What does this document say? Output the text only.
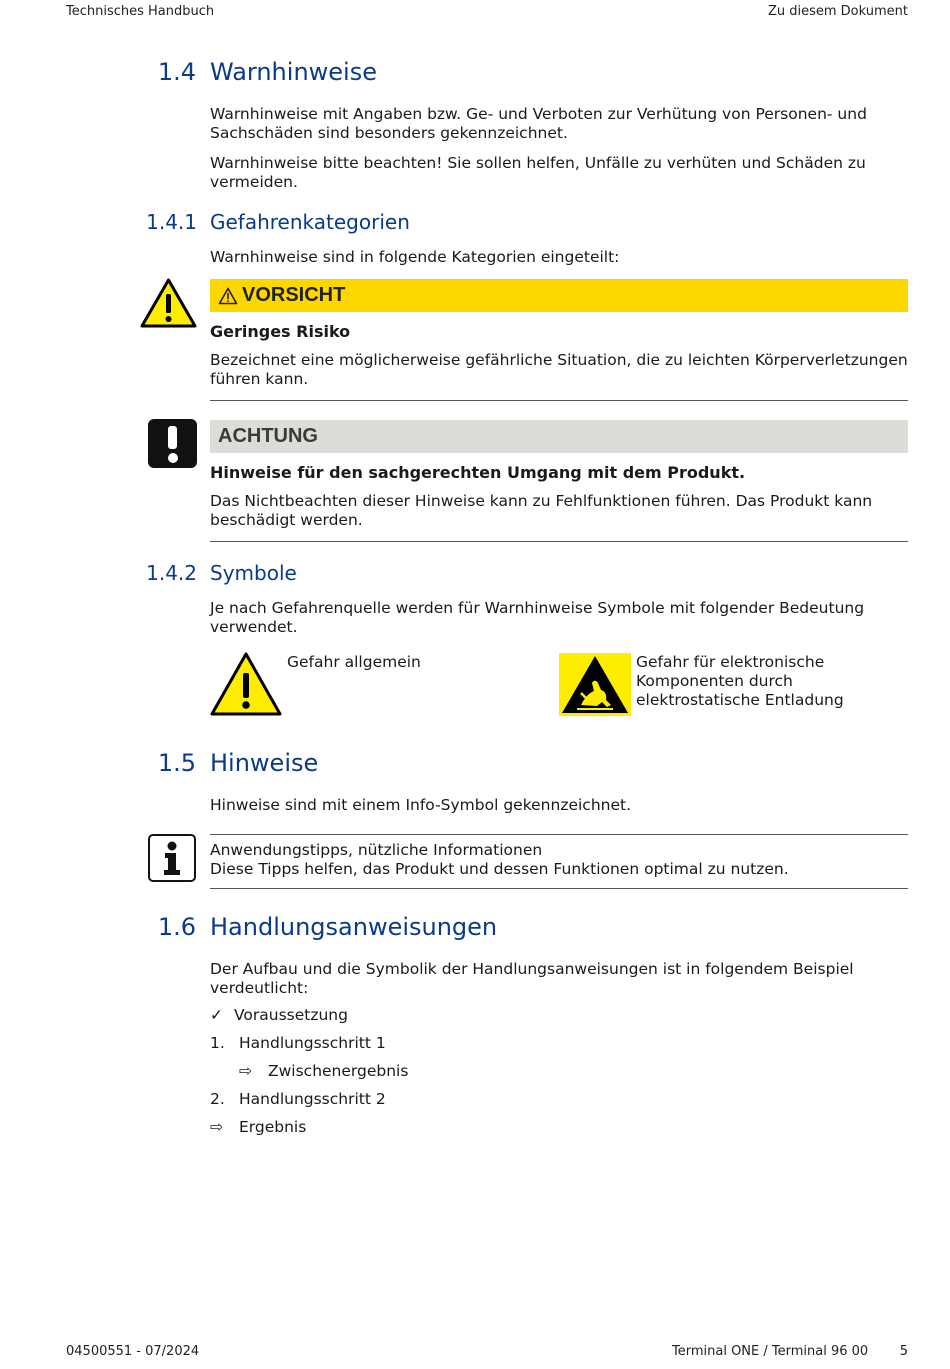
Technisches Handbuch	Zu diesem Dokument
1.4 Warnhinweise
Warnhinweise mit Angaben bzw. Ge- und Verboten zur Verhütung von Personen- und
Sachschäden sind besonders gekennzeichnet.
Warnhinweise bitte beachten! Sie sollen helfen, Unfälle zu verhüten und Schäden zu
vermeiden.
1.4.1 Gefahrenkategorien
Warnhinweise sind in folgende Kategorien eingeteilt:
VORSICHT
Geringes Risiko
Bezeichnet eine möglicherweise gefährliche Situation, die zu leichten Körperverletzungen
führen kann.
ACHTUNG
Hinweise für den sachgerechten Umgang mit dem Produkt.
Das Nichtbeachten dieser Hinweise kann zu Fehlfunktionen führen. Das Produkt kann
beschädigt werden.
1.4.2 Symbole
Je nach Gefahrenquelle werden für Warnhinweise Symbole mit folgender Bedeutung
verwendet.
Gefahr allgemein	Gefahr für elektronische
Komponenten durch
elektrostatische Entladung
1.5 Hinweise
Hinweise sind mit einem Info-Symbol gekennzeichnet.
Anwendungstipps, nützliche Informationen
Diese Tipps helfen, das Produkt und dessen Funktionen optimal zu nutzen.
1.6 Handlungsanweisungen
Der Aufbau und die Symbolik der Handlungsanweisungen ist in folgendem Beispiel
verdeutlicht:
✓ Voraussetzung
1. Handlungsschritt 1
⇨	Zwischenergebnis
2. Handlungsschritt 2
⇨	Ergebnis
04500551 - 07/2024	Terminal ONE / Terminal 96 00 5
